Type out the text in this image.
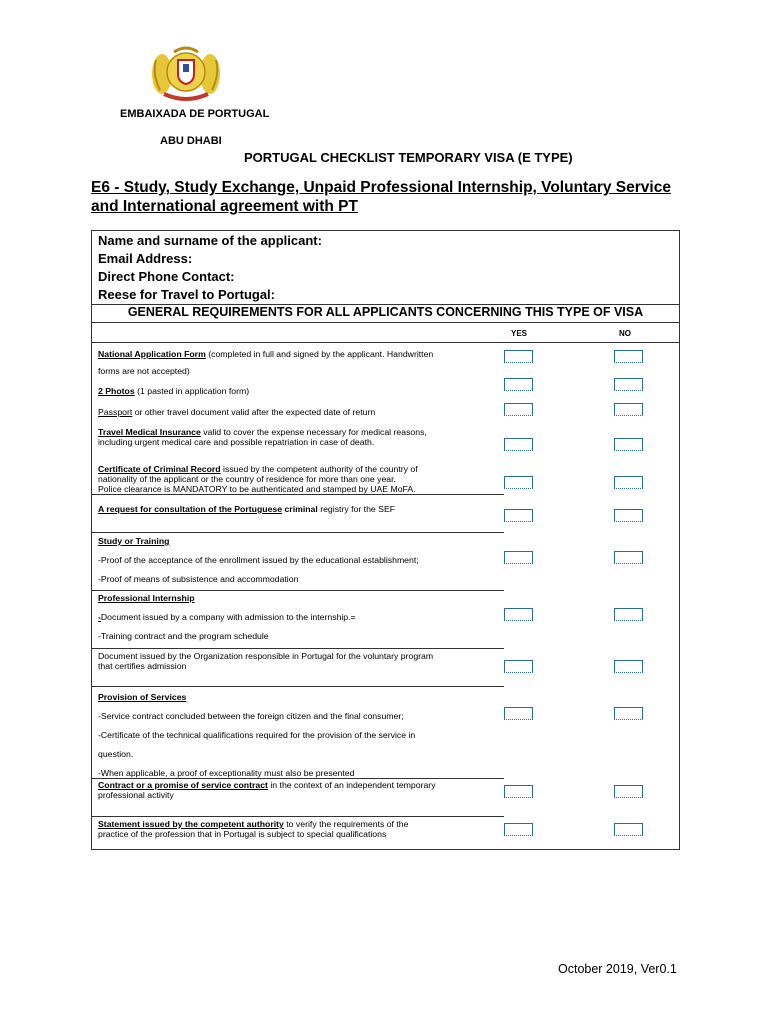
EMBAIXADA DE PORTUGAL
ABU DHABI
PORTUGAL CHECKLIST TEMPORARY VISA (E TYPE)
E6 - Study, Study Exchange, Unpaid Professional Internship, Voluntary Service and International agreement with PT
Name and surname of the applicant:
Email Address:
Direct Phone Contact:
Reese for Travel to Portugal:
GENERAL REQUIREMENTS FOR ALL APPLICANTS CONCERNING THIS TYPE OF VISA
YES	NO
National Application Form (completed in full and signed by the applicant. Handwritten
forms are not accepted)
2 Photos (1 pasted in application form)
Passport or other travel document valid after the expected date of return
Travel Medical Insurance valid to cover the expense necessary for medical reasons,
including urgent medical care and possible repatriation in case of death.
Certificate of Criminal Record issued by the competent authority of the country of
nationality of the applicant or the country of residence for more than one year.
Police clearance is MANDATORY to be authenticated and stamped by UAE MoFA.
A request for consultation of the Portuguese criminal registry for the SEF
Study or Training
-Proof of the acceptance of the enrollment issued by the educational establishment;
-Proof of means of subsistence and accommodation
Professional Internship
-Document issued by a company with admission to the internship.=
-Training contract and the program schedule
Document issued by the Organization responsible in Portugal for the voluntary program
that certifies admission
Provision of Services
-Service contract concluded between the foreign citizen and the final consumer;
-Certificate of the technical qualifications required for the provision of the service in
question.
-When applicable, a proof of exceptionality must also be presented
Contract or a promise of service contract in the context of an independent temporary
professional activity
Statement issued by the competent authority to verify the requirements of the
practice of the profession that in Portugal is subject to special qualifications
October 2019, Ver0.1
